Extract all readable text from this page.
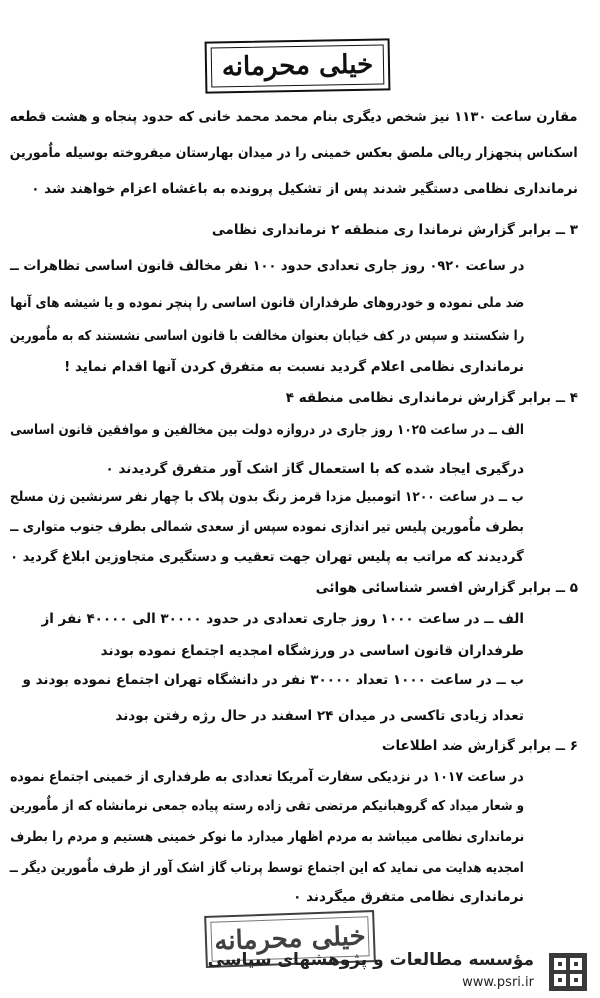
خیلی محرمانه
مقارن ساعت ۱۱۳۰ نیز شخص دیگری بنام محمد محمد خانی که حدود پنجاه و هشت قطعه
اسکناس پنجهزار ریالی ملصق بعکس خمینی را در میدان بهارستان میفروخته بوسیله ماٌمورین
نرمانداری نظامی دستگیر شدند پس از تشکیل پرونده به باغشاه اعزام خواهند شد ۰
۳ ــ برابر گزارش نرماندا ری منطقه ۲ نرمانداری نظامی
در ساعت ۰۹۲۰ روز جاری تعدادی حدود ۱۰۰ نفر مخالف قانون اساسی تظاهرات ــ
ضد ملی نموده و خودروهای طرفداران قانون اساسی را پنچر نموده و یا شیشه های آنها
را شکستند و سپس در کف خیابان بعنوان مخالفت با قانون اساسی نشستند که به ماٌمورین
نرمانداری نظامی اعلام گردید نسبت به متفرق کردن آنها اقدام نماید !
۴ ــ برابر گزارش نرمانداری نظامی منطقه ۴
الف ــ در ساعت ۱۰۲۵ روز جاری در دروازه دولت بین مخالفین و موافقین قانون اساسی
درگیری ایجاد شده که با استعمال گاز اشک آور متفرق گردیدند ۰
ب ــ در ساعت ۱۲۰۰ اتومبیل مزدا قرمز رنگ بدون پلاک با چهار نفر سرنشین زن مسلح
بطرف ماٌمورین پلیس تیر اندازی نموده سپس از سعدی شمالی بطرف جنوب متواری ــ
گردیدند که مراتب به پلیس تهران جهت تعقیب و دستگیری متجاوزین ابلاغ گردید ۰
۵ ــ برابر گزارش افسر شناسائی هوائی
الف ــ در ساعت ۱۰۰۰ روز جاری تعدادی در حدود ۳۰۰۰۰ الی ۴۰۰۰۰ نفر از
طرفداران قانون اساسی در ورزشگاه امجدیه اجتماع نموده بودند
ب ــ در ساعت ۱۰۰۰ تعداد ۳۰۰۰۰ نفر در دانشگاه تهران اجتماع نموده بودند و
تعداد زیادی تاکسی در میدان ۲۴ اسفند در حال رژه رفتن بودند
۶ ــ برابر گزارش ضد اطلاعات
در ساعت ۱۰۱۷ در نزدیکی سفارت آمریکا تعدادی به طرفداری از خمینی اجتماع نموده
و شعار میداد که گروهبانیکم مرتضی تقی زاده رسته پیاده جمعی نرمانشاه که از ماٌمورین
نرمانداری نظامی میباشد به مردم اظهار میدارد ما نوکر خمینی هستیم و مردم را بطرف
امجدیه هدایت می نماید که این اجتماع توسط پرتاب گاز اشک آور از طرف ماٌمورین دیگر ــ
نرمانداری نظامی متفرق میگردند ۰
خیلی محرمانه
مؤسسه مطالعات و پژوهشهای سیاسی
www.psri.ir
